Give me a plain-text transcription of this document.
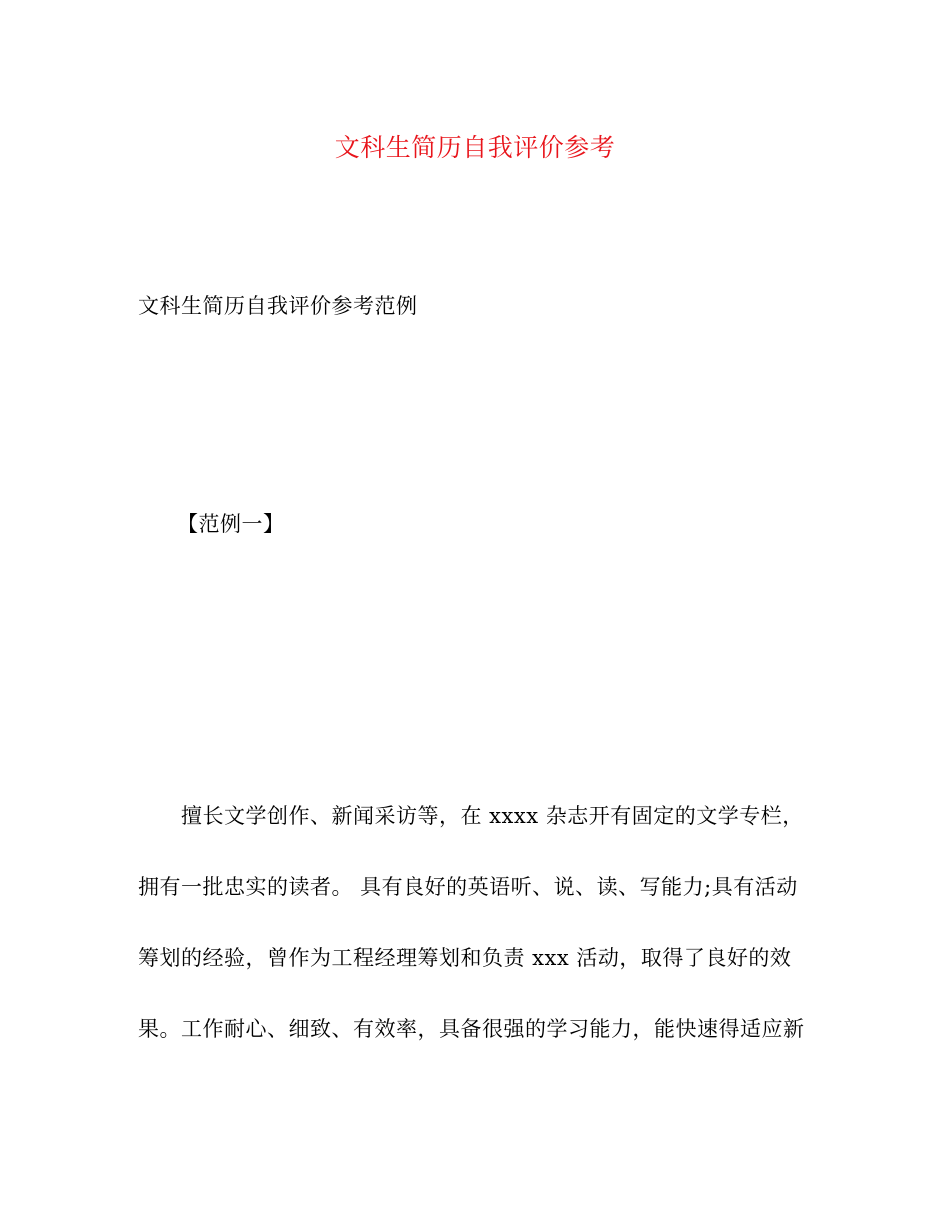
文科生简历自我评价参考
文科生简历自我评价参考范例
【范例一】
擅长文学创作、新闻采访等，在 xxxx 杂志开有固定的文学专栏，
拥有一批忠实的读者。 具有良好的英语听、说、读、写能力;具有活动
筹划的经验，曾作为工程经理筹划和负责 xxx 活动，取得了良好的效
果。工作耐心、细致、有效率，具备很强的学习能力，能快速得适应新
